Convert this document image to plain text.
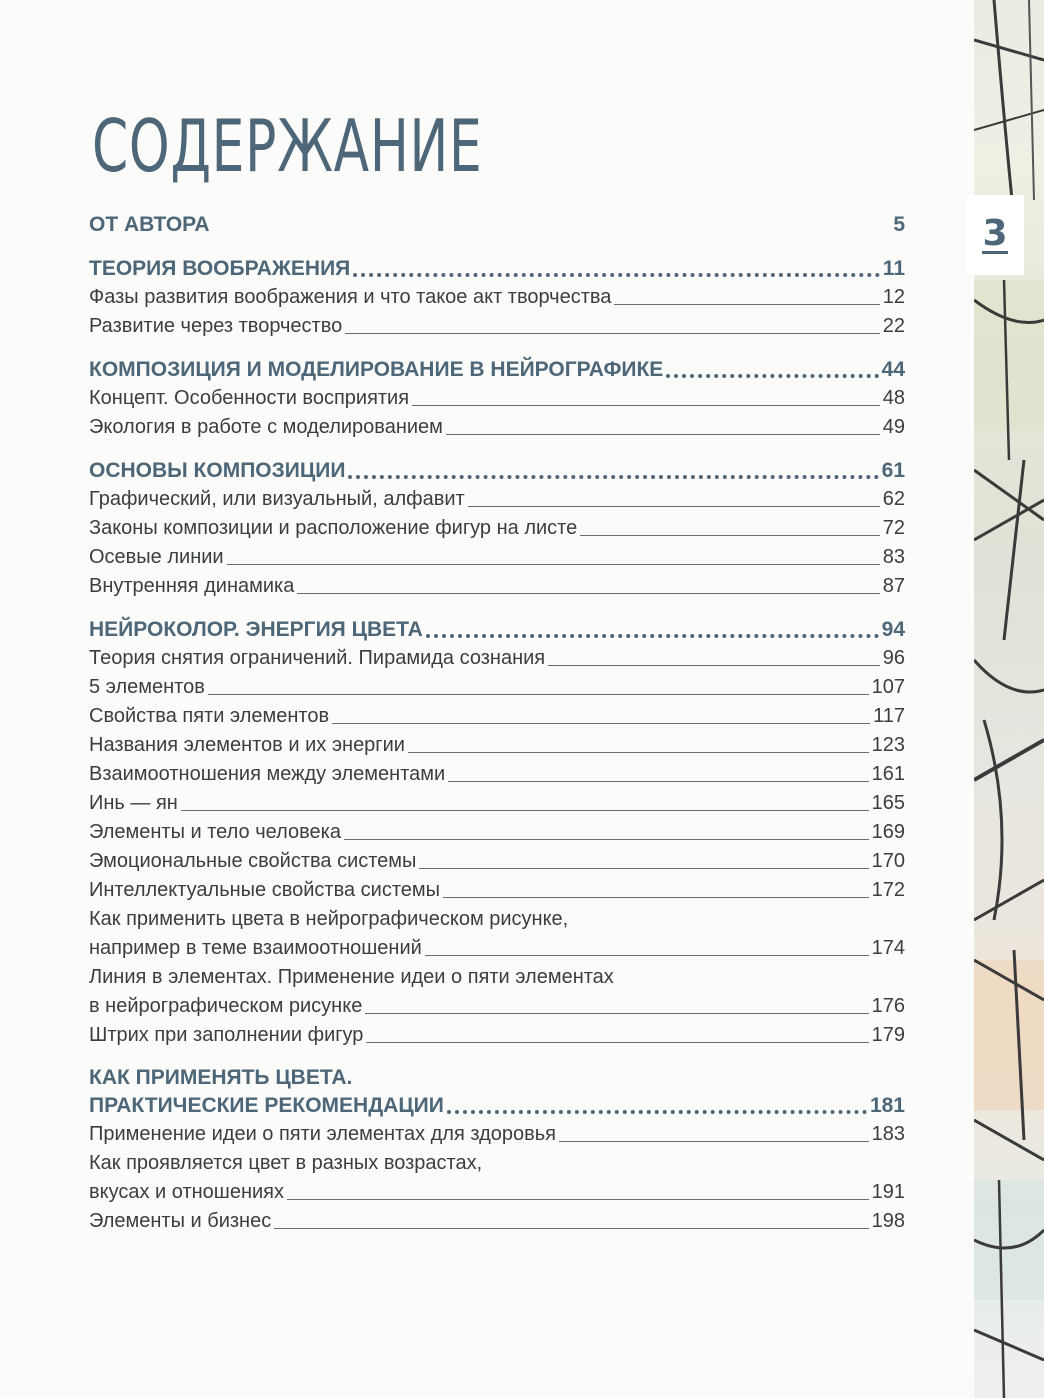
3
СОДЕРЖАНИЕ
ОТ АВТОРА	5
ТЕОРИЯ ВООБРАЖЕНИЯ	11
Фазы развития воображения и что такое акт творчества	12
Развитие через творчество	22
КОМПОЗИЦИЯ И МОДЕЛИРОВАНИЕ В НЕЙРОГРАФИКЕ	44
Концепт. Особенности восприятия	48
Экология в работе с моделированием	49
ОСНОВЫ КОМПОЗИЦИИ	61
Графический, или визуальный, алфавит	62
Законы композиции и расположение фигур на листе	72
Осевые линии	83
Внутренняя динамика	87
НЕЙРОКОЛОР. ЭНЕРГИЯ ЦВЕТА	94
Теория снятия ограничений. Пирамида сознания	96
5 элементов	107
Свойства пяти элементов	117
Названия элементов и их энергии	123
Взаимоотношения между элементами	161
Инь — ян	165
Элементы и тело человека	169
Эмоциональные свойства системы	170
Интеллектуальные свойства системы	172
Как применить цвета в нейрографическом рисунке,
например в теме взаимоотношений	174
Линия в элементах. Применение идеи о пяти элементах
в нейрографическом рисунке	176
Штрих при заполнении фигур	179
КАК ПРИМЕНЯТЬ ЦВЕТА.
ПРАКТИЧЕСКИЕ РЕКОМЕНДАЦИИ	181
Применение идеи о пяти элементах для здоровья	183
Как проявляется цвет в разных возрастах,
вкусах и отношениях	191
Элементы и бизнес	198
